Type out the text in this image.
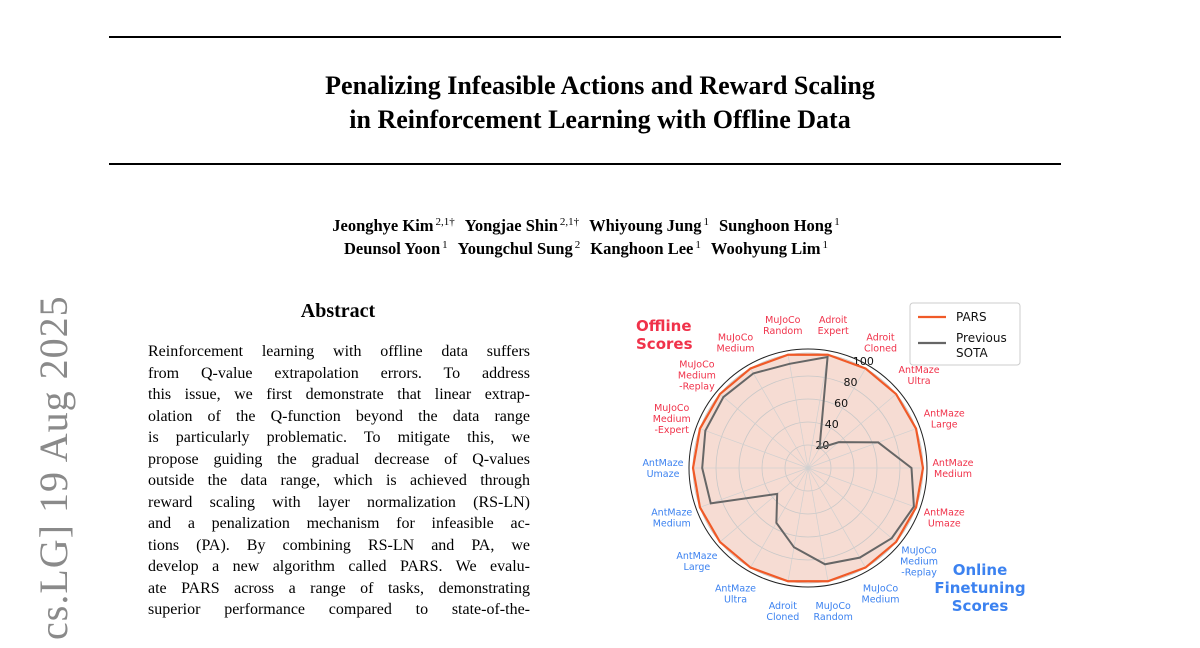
Penalizing Infeasible Actions and Reward Scaling
in Reinforcement Learning with Offline Data
Jeonghye Kim $^{2,1\dagger}$ Yongjae Shin $^{2,1\dagger}$ Whiyoung Jung $^1$ Sunghoon Hong $^1$
Deunsol Yoon $^1$ Youngchul Sung $^2$ Kanghoon Lee $^1$ Woohyung Lim $^1$
cs.LG] 19 Aug 2025	Abstract
Reinforcement learning with offline data suffers
from Q-value extrapolation errors. To address
this issue, we first demonstrate that linear extrap-
olation of the Q-function beyond the data range
is particularly problematic. To mitigate this, we
propose guiding the gradual decrease of Q-values
outside the data range, which is achieved through
reward scaling with layer normalization (RS-LN)
and a penalization mechanism for infeasible ac-
tions (PA). By combining RS-LN and PA, we
develop a new algorithm called PARS. We evalu-
ate PARS across a range of tasks, demonstrating
superior performance compared to state-of-the-
20
40
60
80
100
Adroit Expert
Adroit Cloned
AntMaze Ultra
AntMaze Large
AntMaze Medium
AntMaze Umaze
MuJoCo Medium -Replay
MuJoCo Medium
MuJoCo Random
Adroit Cloned
AntMaze Ultra
AntMaze Large
AntMaze Medium
AntMaze Umaze
MuJoCo Medium -Expert
MuJoCo Medium -Replay
MuJoCo Medium
MuJoCo Random
Offline Scores
Online Finetuning Scores
PARS
Previous SOTA
